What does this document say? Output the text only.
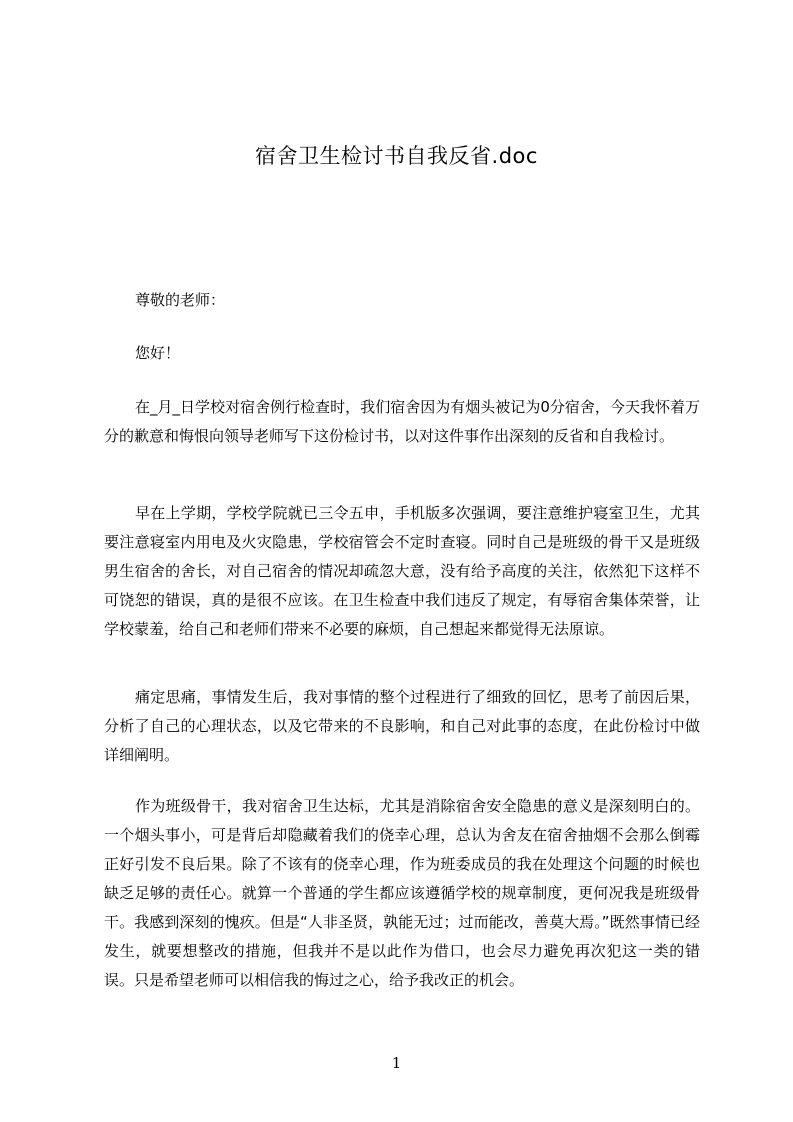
宿舍卫生检讨书自我反省.doc

尊敬的老师：

您好！

在_月_日学校对宿舍例行检查时，我们宿舍因为有烟头被记为0分宿舍，今天我怀着万分的歉意和悔恨向领导老师写下这份检讨书，以对这件事作出深刻的反省和自我检讨。

早在上学期，学校学院就已三令五申，手机版多次强调，要注意维护寝室卫生，尤其要注意寝室内用电及火灾隐患，学校宿管会不定时查寝。同时自己是班级的骨干又是班级男生宿舍的舍长，对自己宿舍的情况却疏忽大意，没有给予高度的关注，依然犯下这样不可饶恕的错误，真的是很不应该。在卫生检查中我们违反了规定，有辱宿舍集体荣誉，让学校蒙羞，给自己和老师们带来不必要的麻烦，自己想起来都觉得无法原谅。

痛定思痛，事情发生后，我对事情的整个过程进行了细致的回忆，思考了前因后果，分析了自己的心理状态，以及它带来的不良影响，和自己对此事的态度，在此份检讨中做详细阐明。

作为班级骨干，我对宿舍卫生达标，尤其是消除宿舍安全隐患的意义是深刻明白的。一个烟头事小，可是背后却隐藏着我们的侥幸心理，总认为舍友在宿舍抽烟不会那么倒霉正好引发不良后果。除了不该有的侥幸心理，作为班委成员的我在处理这个问题的时候也缺乏足够的责任心。就算一个普通的学生都应该遵循学校的规章制度，更何况我是班级骨干。我感到深刻的愧疚。但是“人非圣贤，孰能无过；过而能改，善莫大焉。”既然事情已经发生，就要想整改的措施，但我并不是以此作为借口，也会尽力避免再次犯这一类的错误。只是希望老师可以相信我的悔过之心，给予我改正的机会。

1
